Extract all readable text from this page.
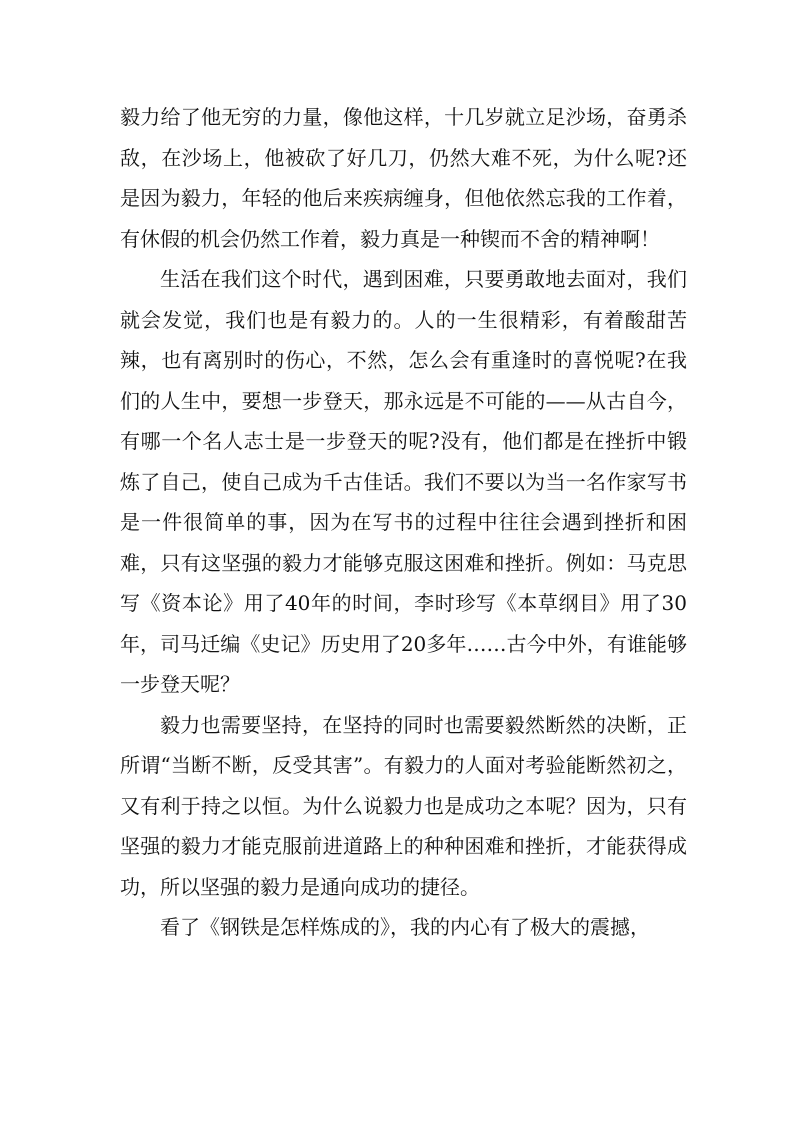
毅力给了他无穷的力量，像他这样，十几岁就立足沙场，奋勇杀敌，在沙场上，他被砍了好几刀，仍然大难不死，为什么呢?还是因为毅力，年轻的他后来疾病缠身，但他依然忘我的工作着，有休假的机会仍然工作着，毅力真是一种锲而不舍的精神啊！

生活在我们这个时代，遇到困难，只要勇敢地去面对，我们就会发觉，我们也是有毅力的。人的一生很精彩，有着酸甜苦辣，也有离别时的伤心，不然，怎么会有重逢时的喜悦呢?在我们的人生中，要想一步登天，那永远是不可能的——从古自今，有哪一个名人志士是一步登天的呢?没有，他们都是在挫折中锻炼了自己，使自己成为千古佳话。我们不要以为当一名作家写书是一件很简单的事，因为在写书的过程中往往会遇到挫折和困难，只有这坚强的毅力才能够克服这困难和挫折。例如：马克思写《资本论》用了40年的时间，李时珍写《本草纲目》用了30年，司马迁编《史记》历史用了20多年……古今中外，有谁能够一步登天呢？

毅力也需要坚持，在坚持的同时也需要毅然断然的决断，正所谓“当断不断，反受其害”。有毅力的人面对考验能断然初之，又有利于持之以恒。为什么说毅力也是成功之本呢？因为，只有坚强的毅力才能克服前进道路上的种种困难和挫折，才能获得成功，所以坚强的毅力是通向成功的捷径。

看了《钢铁是怎样炼成的》，我的内心有了极大的震撼，
